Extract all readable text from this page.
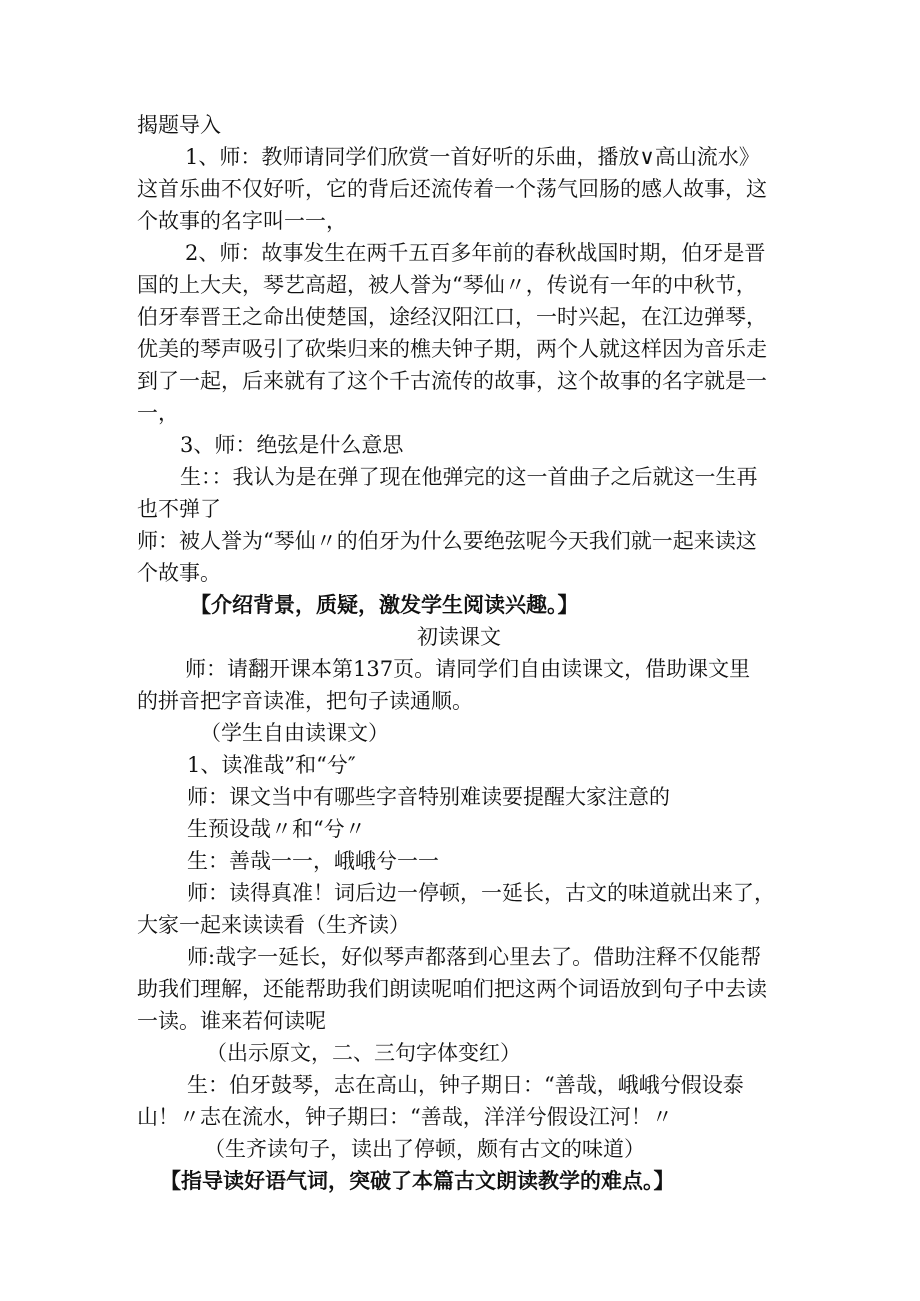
揭题导入
1、师：教师请同学们欣赏一首好听的乐曲，播放∨高山流水》
这首乐曲不仅好听，它的背后还流传着一个荡气回肠的感人故事，这
个故事的名字叫一一，
2、师：故事发生在两千五百多年前的春秋战国时期，伯牙是晋
国的上大夫，琴艺高超，被人誉为“琴仙〃，传说有一年的中秋节，
伯牙奉晋王之命出使楚国，途经汉阳江口，一时兴起，在江边弹琴，
优美的琴声吸引了砍柴归来的樵夫钟子期，两个人就这样因为音乐走
到了一起，后来就有了这个千古流传的故事，这个故事的名字就是一
一，
3、师：绝弦是什么意思
生：：我认为是在弹了现在他弹完的这一首曲子之后就这一生再
也不弹了
师：被人誉为“琴仙〃的伯牙为什么要绝弦呢今天我们就一起来读这
个故事。
【介绍背景，质疑，激发学生阅读兴趣。】
初读课文
师：请翻开课本第137页。请同学们自由读课文，借助课文里
的拼音把字音读准，把句子读通顺。
（学生自由读课文）
1、读准哉”和“兮″
师：课文当中有哪些字音特别难读要提醒大家注意的
生预设哉〃和“兮〃
生：善哉一一，峨峨兮一一
师：读得真准！词后边一停顿，一延长，古文的味道就出来了，
大家一起来读读看（生齐读）
师:哉字一延长，好似琴声都落到心里去了。借助注释不仅能帮
助我们理解，还能帮助我们朗读呢咱们把这两个词语放到句子中去读
一读。谁来若何读呢
（出示原文，二、三句字体变红）
生：伯牙鼓琴，志在高山，钟子期日：“善哉，峨峨兮假设泰
山！〃志在流水，钟子期曰：“善哉，洋洋兮假设江河！〃
（生齐读句子，读出了停顿，颇有古文的味道）
【指导读好语气词，突破了本篇古文朗读教学的难点。】
